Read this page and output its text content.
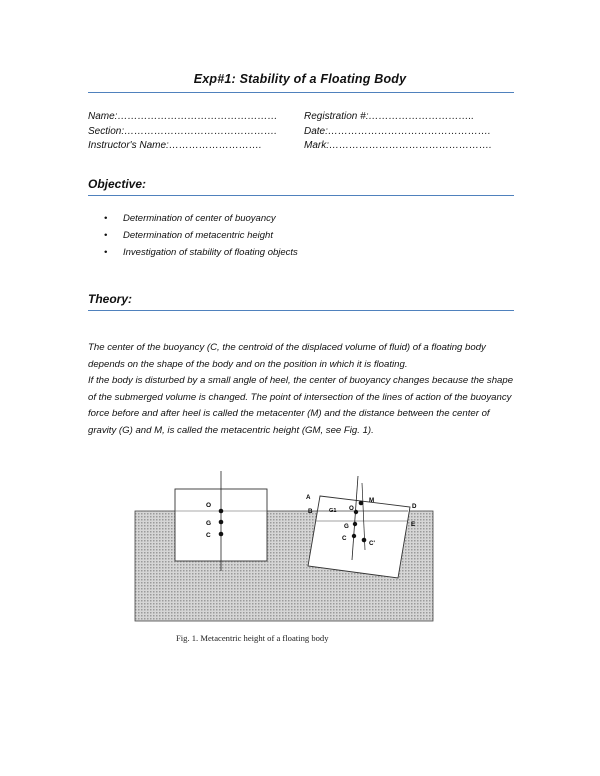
Exp#1: Stability of a Floating Body
Name:…………………………………………
Section:……………………………………….
Instructor's Name:……………………….
Registration #:…………………………..
Date:………………………………………….
Mark:………………………………………….
Objective:
• Determination of center of buoyancy
• Determination of metacentric height
• Investigation of stability of floating objects
Theory:
The center of the buoyancy (C, the centroid of the displaced volume of fluid) of a floating body depends on the shape of the body and on the position in which it is floating.
If the body is disturbed by a small angle of heel, the center of buoyancy changes because the shape of the submerged volume is changed. The point of intersection of the lines of action of the buoyancy force before and after heel is called the metacenter (M) and the distance between the center of gravity (G) and M, is called the metacentric height (GM, see Fig. 1).
O
G
C
A
B	G1 O
M
D
E
G
C
C'
Fig. 1. Metacentric height of a floating body
